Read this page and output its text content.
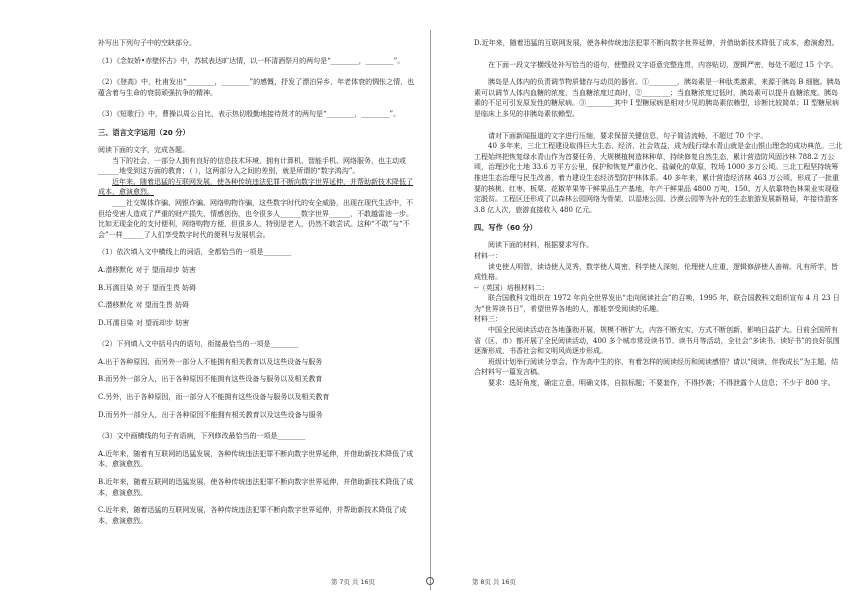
补写出下列句子中的空缺部分。

（1）《念奴娇•赤壁怀古》中，苏轼表达旷达情，以一杯清酒祭月的两句是“________，________”。

（2）《登高》中，杜甫发出“________，________”的感慨，抒发了漂泊异乡、年老体衰的惆怅之情，也蕴含着与生命的衰弱顽强抗争的精神。

（3）《短歌行》中，曹操以周公自比，表示热切殷勤地接待贤才的两句是“________，________”。

三、语言文字运用（20 分）

阅读下面的文字，完成各题。

当下的社会，一部分人拥有良好的信息技术环境，拥有计算机、智能手机、网络服务，也主动或______地受到这方面的教育；（ ），这两部分人之间的差别，就是所谓的“数字鸿沟”。

近年来，随着迅猛的互联网发展，使各种传统违法犯罪不断向数字世界延伸，并帮助新技术降低了成本，愈演愈烈。

____社交媒体诈骗、网银诈骗、网络购物诈骗，这些数字时代的安全威胁，出现在现代生活中，不但给受害人造成了严重的财产损失、情感创伤，也令很多人______数字世界______，不敢越雷池一步。比如无现金化的支付便利，网络购物方便，但很多人，特别是老人，仍然不敢尝试。这种“不敢”与“不会”一样______了人们享受数字时代的便利与发展机会。

（1）依次填入文中横线上的词语，全都恰当的一项是________

A.潜移默化 对于 望而却步 妨害

B.耳濡目染 对于 望而生畏 妨碍

C.潜移默化 对 望而生畏 妨碍

D.耳濡目染 对 望而却步 妨害

（2）下列填入文中括号内的语句，衔接最恰当的一项是________

A.出于各种原因，而另外一部分人不能拥有相关教育以及这些设备与服务

B.而另外一部分人，出于各种原因不能拥有这些设备与服务以及相关教育

C.另外，出于各种原因，而一部分人不能拥有这些设备与服务以及相关教育

D.而另外一部分人，出于各种原因不能拥有相关教育以及这些设备与服务

（3）文中画横线的句子有语病，下列修改最恰当的一项是________

A.近年来，随着有互联网的迅猛发展，各种传统违法犯罪不断向数字世界延伸，并借助新技术降低了成本，愈演愈烈。

B.近年来，随着互联网的迅猛发展，使各种传统违法犯罪不断向数字世界延伸，并借助新技术降低了成本，愈演愈烈。

C.近年来，随着迅猛的互联网发展，各种传统违法犯罪不断向数字世界延伸，并帮助新技术降低了成本，愈演愈烈。

D.近年来，随着迅猛的互联网发展，使各种传统违法犯罪不断向数字世界延伸，并借助新技术降低了成本，愈演愈烈。

在下面一段文字横线处补写恰当的语句，使整段文字语意完整连贯，内容贴切，逻辑严密，每处不超过 15 个字。

胰岛是人体内的负责调节物质储存与动员的器官。①________，胰岛素是一种肽类激素，来源于胰岛 B 细胞。胰岛素可以调节人体内血糖的浓度，当血糖浓度过高时，②________；当血糖浓度过低时，胰岛素可以提升血糖浓度。胰岛素的不足可引发原发性的糖尿病。③________其中 I 型糖尿病是相对少见的胰岛素依赖型，诊断比较简单；II 型糖尿病是临床上多见的非胰岛素依赖型。

请对下面新闻报道的文字进行压缩，要求保留关键信息，句子简洁流畅，不超过 70 个字。

40 多年来，三北工程建设取得巨大生态、经济、社会效益，成为践行绿水青山就是金山银山理念的成功典范。三北工程始终把恢复绿水青山作为首要任务，大规模植树造林种草，持续修复自然生态，累计营造防风固沙林 788.2 万公顷，治理沙化土地 33.6 万平方公里，保护和恢复严重沙化、盐碱化的草原，牧场 1000 多万公顷。三北工程坚持统筹推进生态治理与民生改善，着力建设生态经济型防护林体系。40 多年来，累计营造经济林 463 万公顷，形成了一批重要的核桃、红枣、板栗、花椒苹果等干鲜果品生产基地，年产干鲜果品 4800 万吨，150。万人依靠特色林果业实现稳定脱贫。工程区还形成了以森林公园网络为骨架，以湿地公园、沙漠公园等为补充的生态旅游发展新格局，年接待游客 3.8 亿人次，旅游直接收入 480 亿元。

四、写作（60 分）

阅读下面的材料，根据要求写作。

材料一：

读史使人明智，读诗使人灵秀，数学使人周密，科学使人深刻，伦理使人庄重，逻辑修辞使人善辩。凡有所学，皆成性格。

--（英国）培根材料二：

联合国教科文组织在 1972 年向全世界发出“走向阅读社会”的召唤，1995 年，联合国教科文组织宣布 4 月 23 日为“世界读书日”，希望世界各地的人，都能享受阅读的乐趣。

材料三：

中国全民阅读活动在各地蓬勃开展，规模不断扩大，内容不断充实，方式不断创新，影响日益扩大。日前全国所有省（区、市）都开展了全民阅读活动，400 多个城市常设读书节、读书月等活动，全社会“多读书、读好书”的良好氛围逐渐形成，书香社会和文明风尚逐步形成。

班级计划举行阅读分享会，作为高中生的你，有着怎样的阅读经历和阅读感悟？请以“阅读，伴我成长”为主题，结合材料写一篇发言稿。

要求：选好角度，确定立意，明确文体，自拟标题；不要套作，不得抄袭；不得泄露个人信息；不少于 800 字。

第 7页 共 16页	第 8页 共 16页
